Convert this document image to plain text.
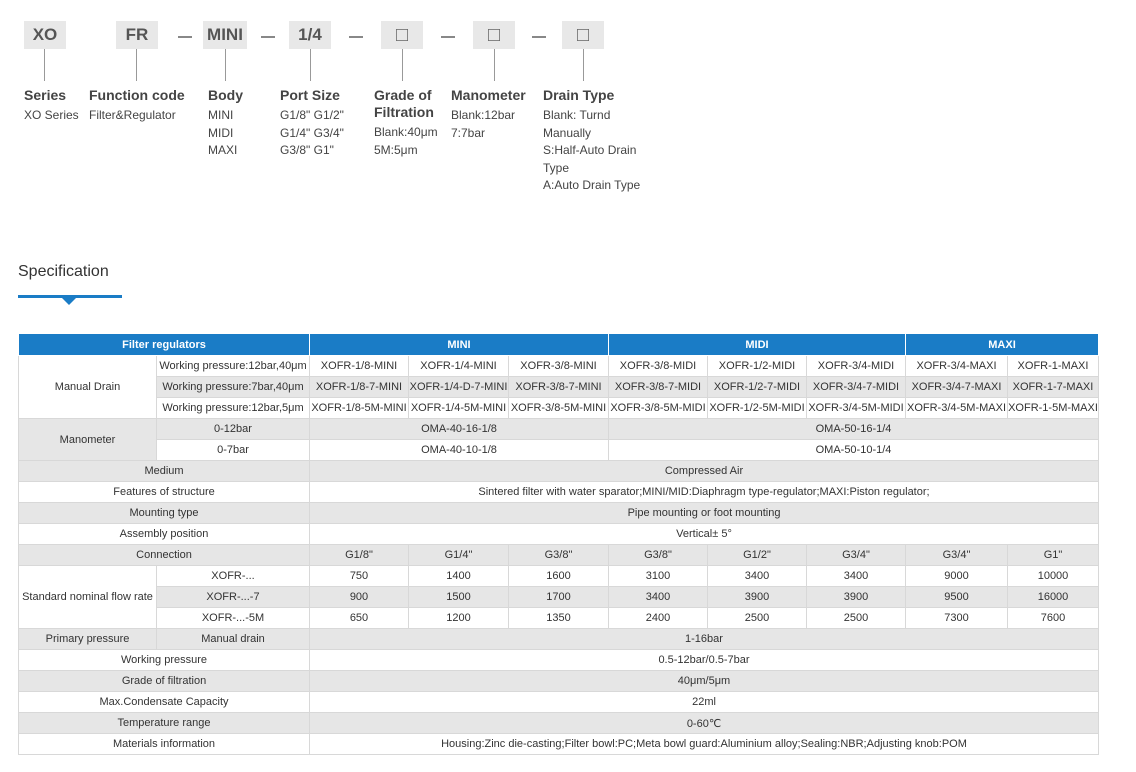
XO	FR	MINI	1/4	□	□	□
Series
XO Series
Function code
Filter&Regulator
Body
MINI
MIDI
MAXI
Port Size
G1/8" G1/2"
G1/4" G3/4"
G3/8" G1"
Grade of
Filtration
Blank:40μm
5M:5μm
Manometer
Blank:12bar
7:7bar
Drain Type
Blank: Turnd
Manually
S:Half-Auto Drain
Type
A:Auto Drain Type
Specification
Filter regulators		MINI			MIDI			MAXI	
Manual Drain	Working pressure:12bar,40μm	XOFR-1/8-MINI	XOFR-1/4-MINI	XOFR-3/8-MINI	XOFR-3/8-MIDI	XOFR-1/2-MIDI	XOFR-3/4-MIDI	XOFR-3/4-MAXI	XOFR-1-MAXI
	Working pressure:7bar,40μm	XOFR-1/8-7-MINI	XOFR-1/4-D-7-MINI	XOFR-3/8-7-MINI	XOFR-3/8-7-MIDI	XOFR-1/2-7-MIDI	XOFR-3/4-7-MIDI	XOFR-3/4-7-MAXI	XOFR-1-7-MAXI
	Working pressure:12bar,5μm	XOFR-1/8-5M-MINI	XOFR-1/4-5M-MINI	XOFR-3/8-5M-MINI	XOFR-3/8-5M-MIDI	XOFR-1/2-5M-MIDI	XOFR-3/4-5M-MIDI	XOFR-3/4-5M-MAXI	XOFR-1-5M-MAXI
Manometer	0-12bar	OMA-40-16-1/8			OMA-50-16-1/4				
	0-7bar	OMA-40-10-1/8			OMA-50-10-1/4				
Medium		Compressed Air							
Features of structure		Sintered filter with water sparator;MINI/MID:Diaphragm type-regulator;MAXI:Piston regulator;							
Mounting type		Pipe mounting or foot mounting							
Assembly position		Vertical± 5°							
Connection		G1/8"	G1/4"	G3/8"	G3/8"	G1/2"	G3/4"	G3/4"	G1"
Standard nominal flow rate	XOFR-...	750	1400	1600	3100	3400	3400	9000	10000
	XOFR-...-7	900	1500	1700	3400	3900	3900	9500	16000
	XOFR-...-5M	650	1200	1350	2400	2500	2500	7300	7600
Primary pressure	Manual drain	1-16bar							
Working pressure		0.5-12bar/0.5-7bar							
Grade of filtration		40μm/5μm							
Max.Condensate Capacity		22ml							
Temperature range		0-60℃							
Materials information		Housing:Zinc die-casting;Filter bowl:PC;Meta bowl guard:Aluminium alloy;Sealing:NBR;Adjusting knob:POM							
